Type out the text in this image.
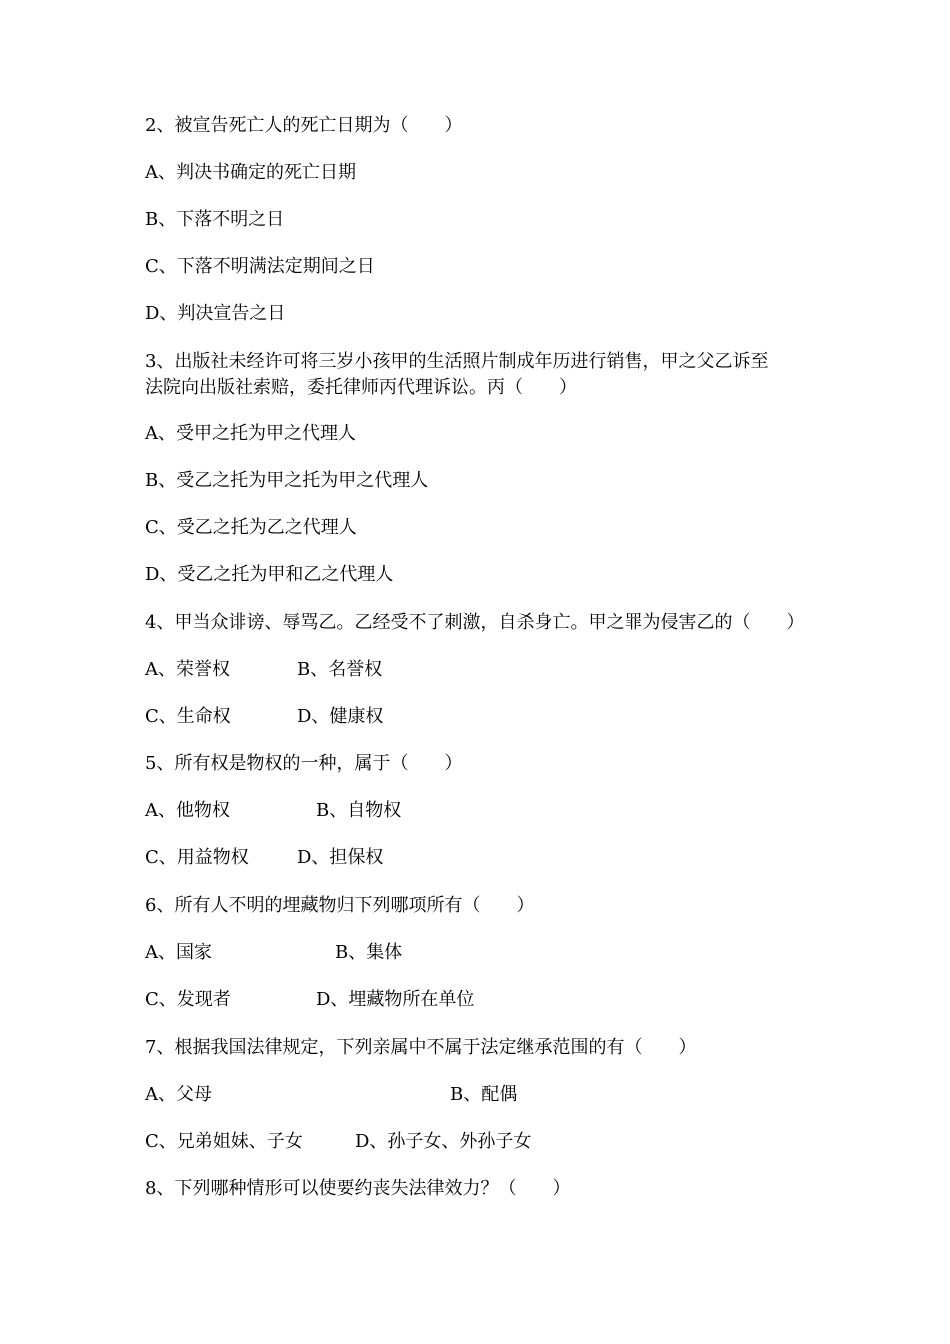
2、被宣告死亡人的死亡日期为（　　）
A、判决书确定的死亡日期
B、下落不明之日
C、下落不明满法定期间之日
D、判决宣告之日
3、出版社未经许可将三岁小孩甲的生活照片制成年历进行销售，甲之父乙诉至
法院向出版社索赔，委托律师丙代理诉讼。丙（　　）
A、受甲之托为甲之代理人
B、受乙之托为甲之托为甲之代理人
C、受乙之托为乙之代理人
D、受乙之托为甲和乙之代理人
4、甲当众诽谤、辱骂乙。乙经受不了刺激，自杀身亡。甲之罪为侵害乙的（　　）
A、荣誉权	B、名誉权
C、生命权	D、健康权
5、所有权是物权的一种，属于（　　）
A、他物权	B、自物权
C、用益物权	D、担保权
6、所有人不明的埋藏物归下列哪项所有（　　）
A、国家	B、集体
C、发现者	D、埋藏物所在单位
7、根据我国法律规定，下列亲属中不属于法定继承范围的有（　　）
A、父母	B、配偶
C、兄弟姐妹、子女	D、孙子女、外孙子女
8、下列哪种情形可以使要约丧失法律效力？（　　）
